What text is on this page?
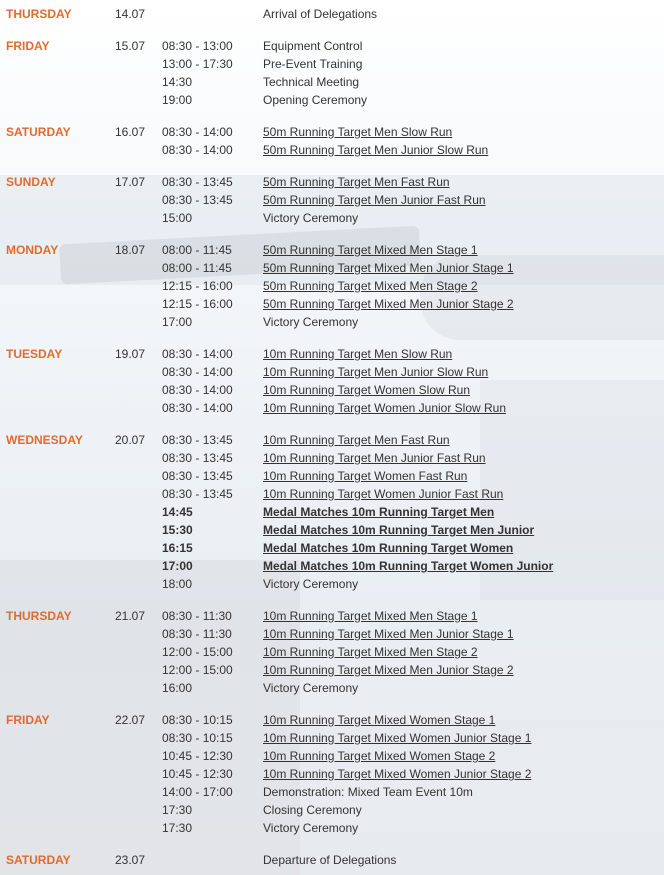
THURSDAY	14.07	Arrival of Delegations
FRIDAY	15.07 08:30 - 13:00	Equipment Control
13:00 - 17:30	Pre-Event Training
14:30	Technical Meeting
19:00	Opening Ceremony
SATURDAY	16.07 08:30 - 14:00	50m Running Target Men Slow Run
08:30 - 14:00	50m Running Target Men Junior Slow Run
SUNDAY	17.07 08:30 - 13:45	50m Running Target Men Fast Run
08:30 - 13:45	50m Running Target Men Junior Fast Run
15:00	Victory Ceremony
MONDAY	18.07 08:00 - 11:45	50m Running Target Mixed Men Stage 1
08:00 - 11:45	50m Running Target Mixed Men Junior Stage 1
12:15 - 16:00	50m Running Target Mixed Men Stage 2
12:15 - 16:00	50m Running Target Mixed Men Junior Stage 2
17:00	Victory Ceremony
TUESDAY	19.07 08:30 - 14:00	10m Running Target Men Slow Run
08:30 - 14:00	10m Running Target Men Junior Slow Run
08:30 - 14:00	10m Running Target Women Slow Run
08:30 - 14:00	10m Running Target Women Junior Slow Run
WEDNESDAY	20.07 08:30 - 13:45	10m Running Target Men Fast Run
08:30 - 13:45	10m Running Target Men Junior Fast Run
08:30 - 13:45	10m Running Target Women Fast Run
08:30 - 13:45	10m Running Target Women Junior Fast Run
14:45	Medal Matches 10m Running Target Men
15:30	Medal Matches 10m Running Target Men Junior
16:15	Medal Matches 10m Running Target Women
17:00	Medal Matches 10m Running Target Women Junior
18:00	Victory Ceremony
THURSDAY	21.07 08:30 - 11:30	10m Running Target Mixed Men Stage 1
08:30 - 11:30	10m Running Target Mixed Men Junior Stage 1
12:00 - 15:00	10m Running Target Mixed Men Stage 2
12:00 - 15:00	10m Running Target Mixed Men Junior Stage 2
16:00	Victory Ceremony
FRIDAY	22.07 08:30 - 10:15	10m Running Target Mixed Women Stage 1
08:30 - 10:15	10m Running Target Mixed Women Junior Stage 1
10:45 - 12:30	10m Running Target Mixed Women Stage 2
10:45 - 12:30	10m Running Target Mixed Women Junior Stage 2
14:00 - 17:00	Demonstration: Mixed Team Event 10m
17:30	Closing Ceremony
17:30	Victory Ceremony
SATURDAY	23.07	Departure of Delegations
